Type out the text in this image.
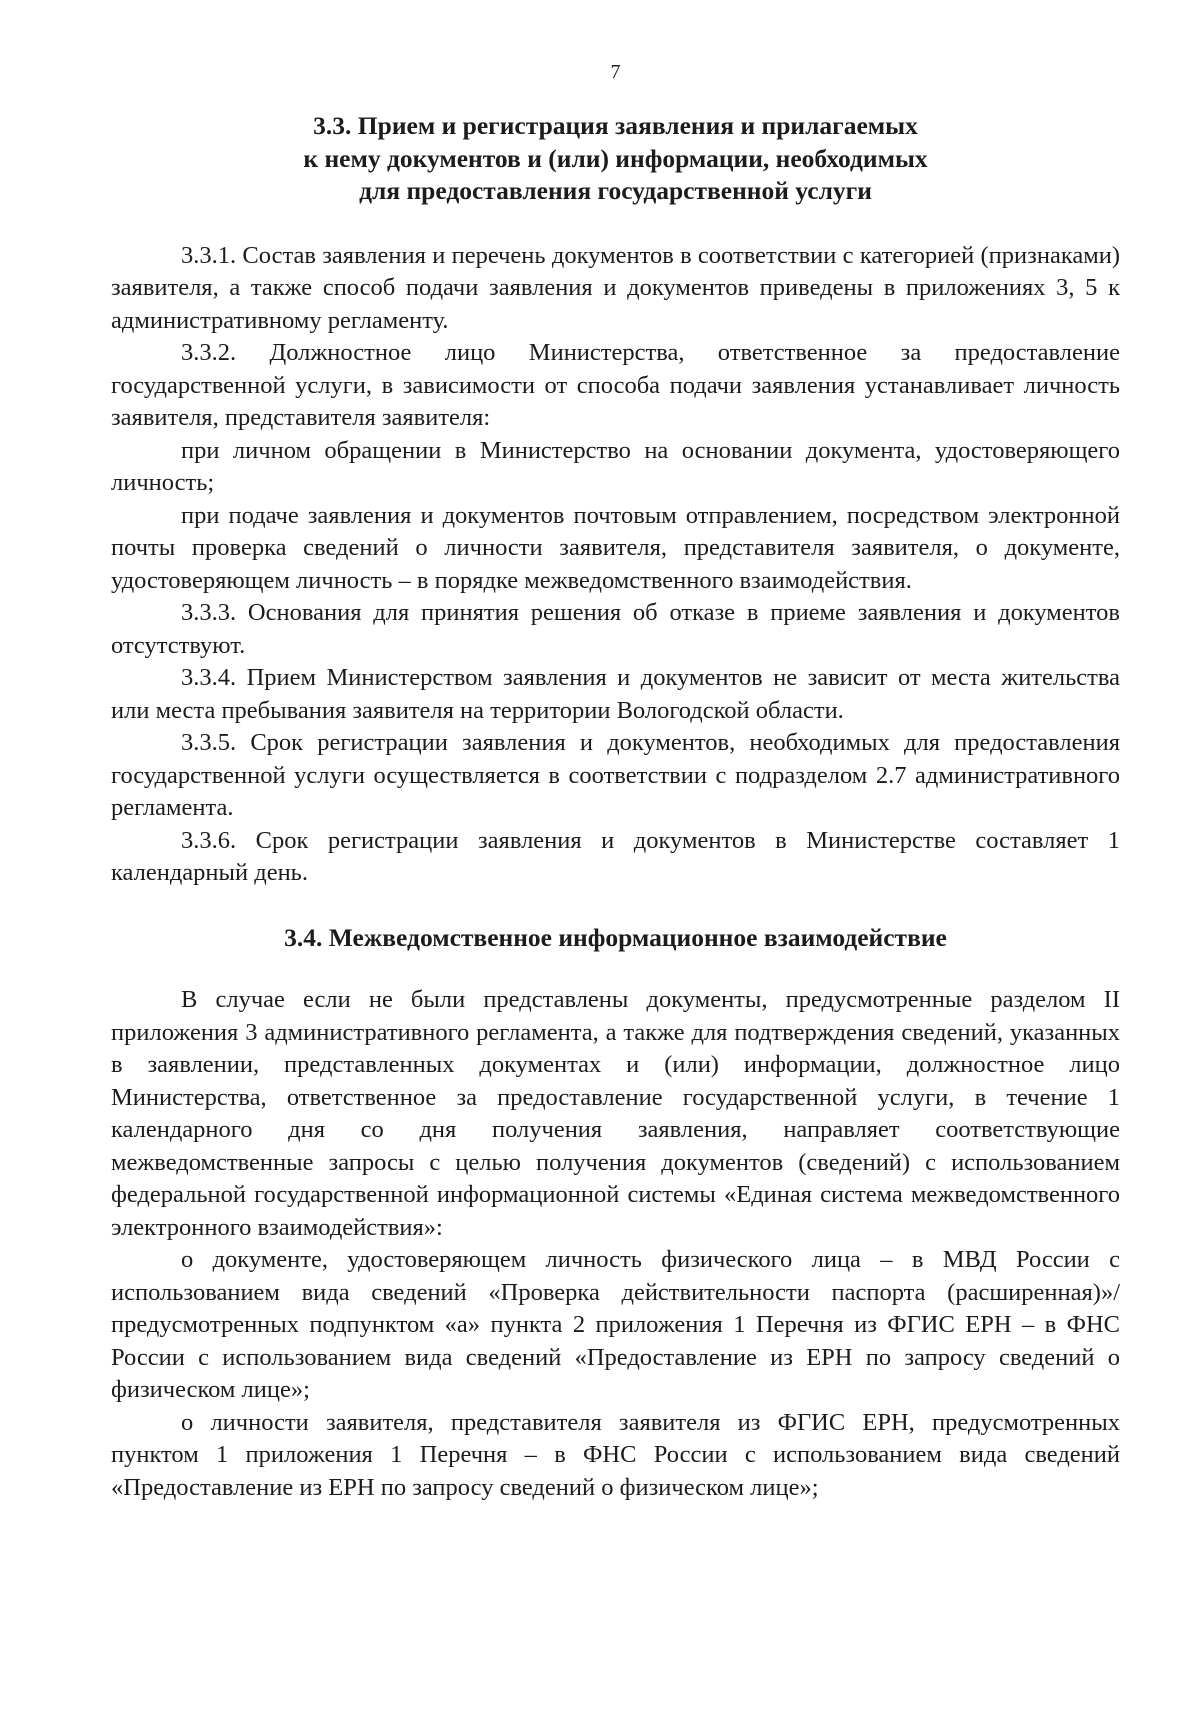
7
3.3. Прием и регистрация заявления и прилагаемых
к нему документов и (или) информации, необходимых
для предоставления государственной услуги

3.3.1. Состав заявления и перечень документов в соответствии с категорией (признаками) заявителя, а также способ подачи заявления и документов приведены в приложениях 3, 5 к административному регламенту.

3.3.2. Должностное лицо Министерства, ответственное за предоставление государственной услуги, в зависимости от способа подачи заявления устанавливает личность заявителя, представителя заявителя:

при личном обращении в Министерство на основании документа, удостоверяющего личность;

при подаче заявления и документов почтовым отправлением, посредством электронной почты проверка сведений о личности заявителя, представителя заявителя, о документе, удостоверяющем личность – в порядке межведомственного взаимодействия.

3.3.3. Основания для принятия решения об отказе в приеме заявления и документов отсутствуют.

3.3.4. Прием Министерством заявления и документов не зависит от места жительства или места пребывания заявителя на территории Вологодской области.

3.3.5. Срок регистрации заявления и документов, необходимых для предоставления государственной услуги осуществляется в соответствии с подразделом 2.7 административного регламента.

3.3.6. Срок регистрации заявления и документов в Министерстве составляет 1 календарный день.

3.4. Межведомственное информационное взаимодействие

В случае если не были представлены документы, предусмотренные разделом II приложения 3 административного регламента, а также для подтверждения сведений, указанных в заявлении, представленных документах и (или) информации, должностное лицо Министерства, ответственное за предоставление государственной услуги, в течение 1 календарного дня со дня получения заявления, направляет соответствующие межведомственные запросы с целью получения документов (сведений) с использованием федеральной государственной информационной системы «Единая система межведомственного электронного взаимодействия»:

о документе, удостоверяющем личность физического лица – в МВД России с использованием вида сведений «Проверка действительности паспорта (расширенная)»/предусмотренных подпунктом «а» пункта 2 приложения 1 Перечня из ФГИС ЕРН – в ФНС России с использованием вида сведений «Предоставление из ЕРН по запросу сведений о физическом лице»;

о личности заявителя, представителя заявителя из ФГИС ЕРН, предусмотренных пунктом 1 приложения 1 Перечня – в ФНС России с использованием вида сведений «Предоставление из ЕРН по запросу сведений о физическом лице»;
